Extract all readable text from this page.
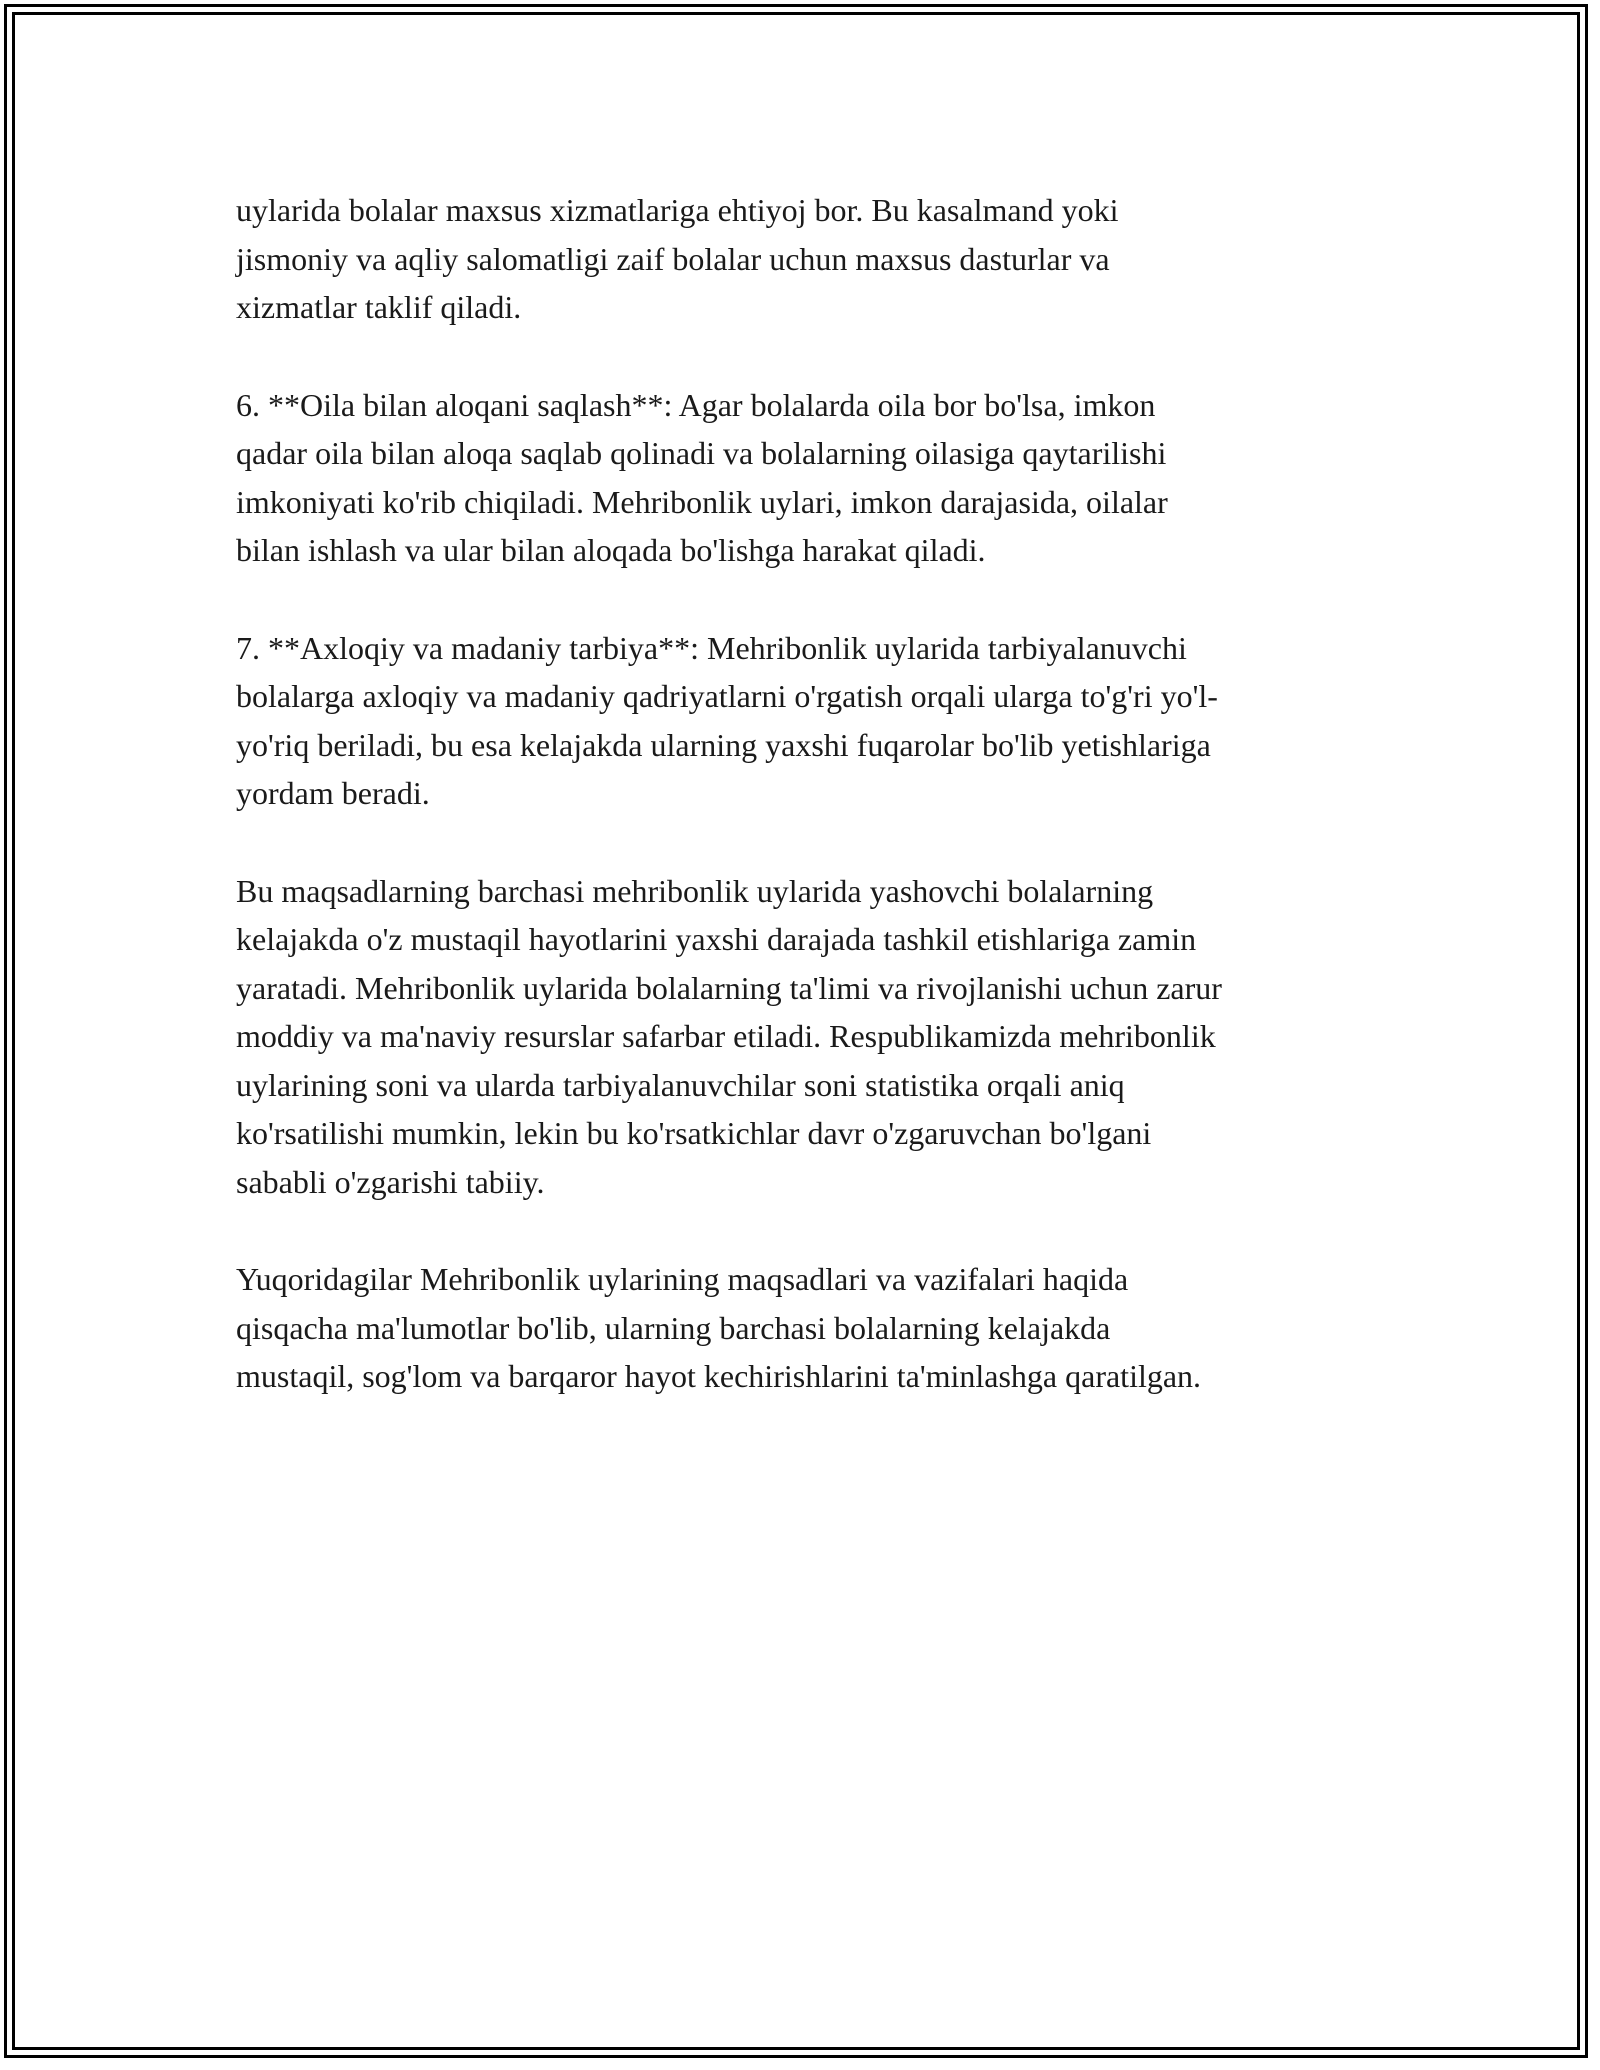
uylarida bolalar maxsus xizmatlariga ehtiyoj bor. Bu kasalmand yoki
jismoniy va aqliy salomatligi zaif bolalar uchun maxsus dasturlar va
xizmatlar taklif qiladi.

6. **Oila bilan aloqani saqlash**: Agar bolalarda oila bor bo'lsa, imkon
qadar oila bilan aloqa saqlab qolinadi va bolalarning oilasiga qaytarilishi
imkoniyati ko'rib chiqiladi. Mehribonlik uylari, imkon darajasida, oilalar
bilan ishlash va ular bilan aloqada bo'lishga harakat qiladi.

7. **Axloqiy va madaniy tarbiya**: Mehribonlik uylarida tarbiyalanuvchi
bolalarga axloqiy va madaniy qadriyatlarni o'rgatish orqali ularga to'g'ri yo'l-
yo'riq beriladi, bu esa kelajakda ularning yaxshi fuqarolar bo'lib yetishlariga
yordam beradi.

Bu maqsadlarning barchasi mehribonlik uylarida yashovchi bolalarning
kelajakda o'z mustaqil hayotlarini yaxshi darajada tashkil etishlariga zamin
yaratadi. Mehribonlik uylarida bolalarning ta'limi va rivojlanishi uchun zarur
moddiy va ma'naviy resurslar safarbar etiladi. Respublikamizda mehribonlik
uylarining soni va ularda tarbiyalanuvchilar soni statistika orqali aniq
ko'rsatilishi mumkin, lekin bu ko'rsatkichlar davr o'zgaruvchan bo'lgani
sababli o'zgarishi tabiiy.

Yuqoridagilar Mehribonlik uylarining maqsadlari va vazifalari haqida
qisqacha ma'lumotlar bo'lib, ularning barchasi bolalarning kelajakda
mustaqil, sog'lom va barqaror hayot kechirishlarini ta'minlashga qaratilgan.
